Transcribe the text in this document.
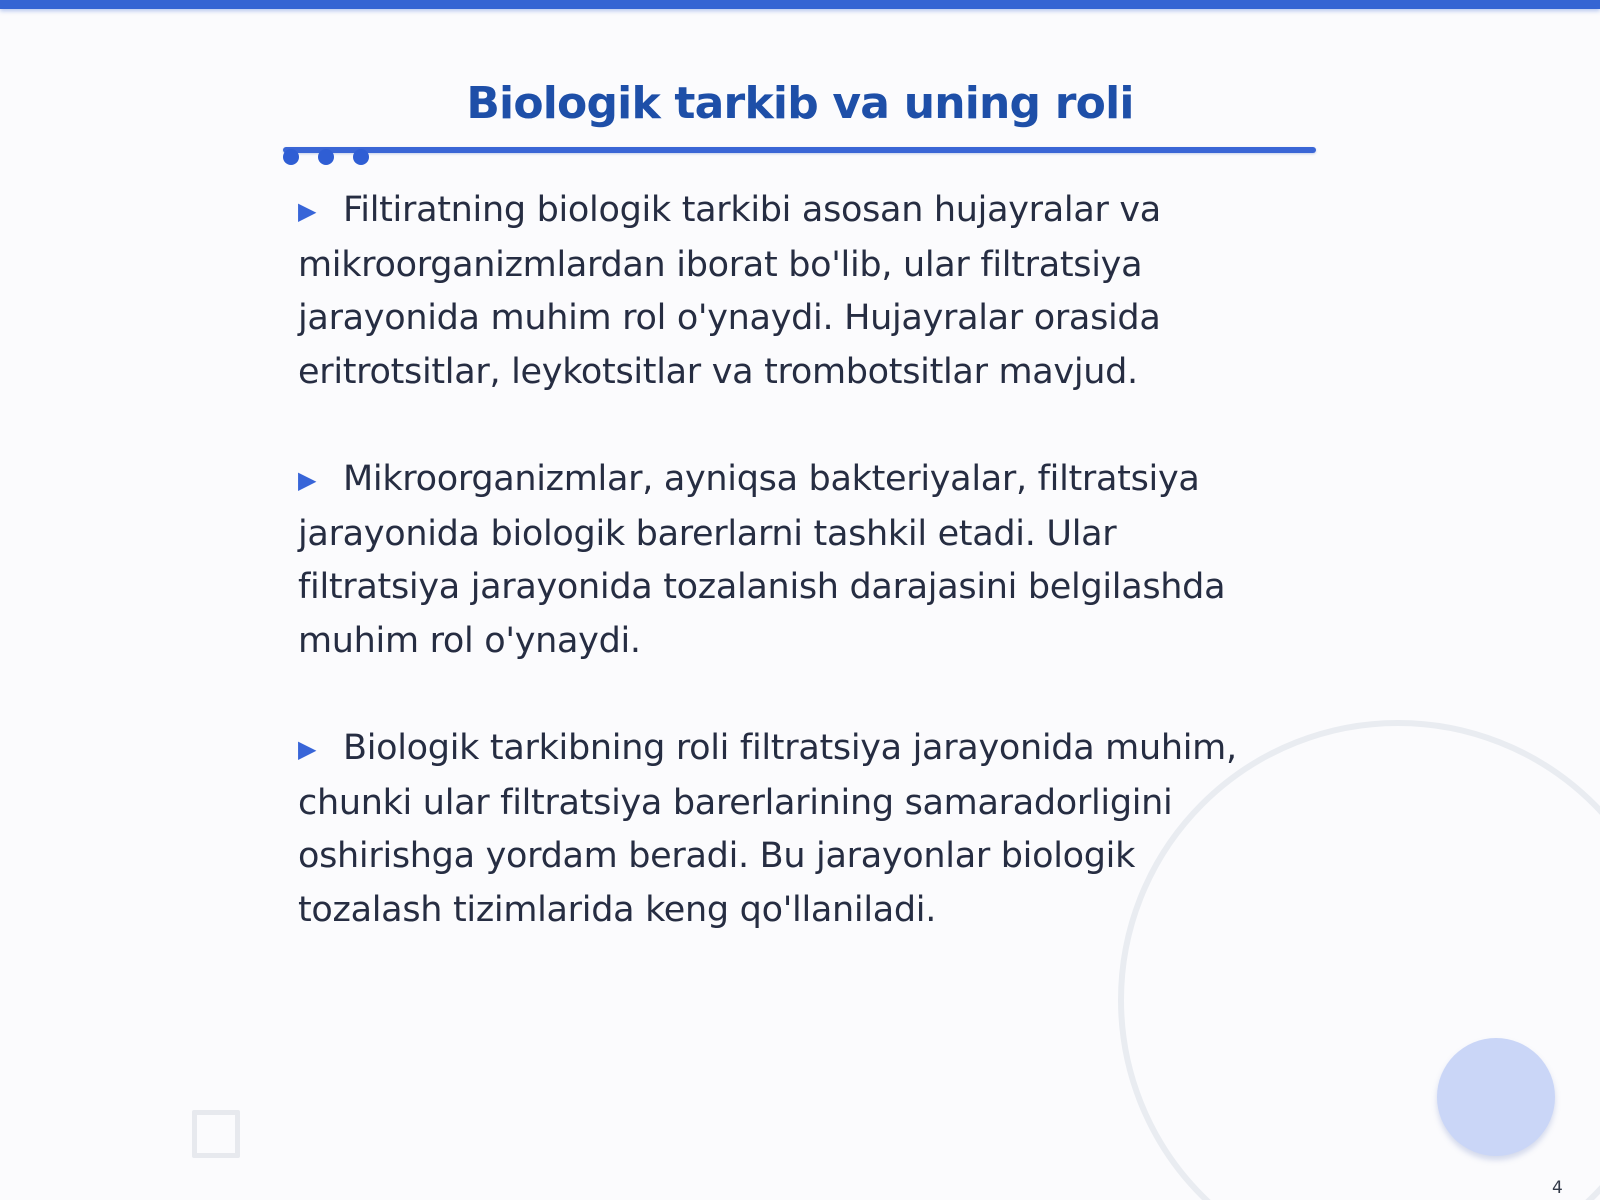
Biologik tarkib va uning roli
▶ Filtiratning biologik tarkibi asosan hujayralar va
mikroorganizmlardan iborat bo'lib, ular filtratsiya
jarayonida muhim rol o'ynaydi. Hujayralar orasida
eritrotsitlar, leykotsitlar va trombotsitlar mavjud.
▶ Mikroorganizmlar, ayniqsa bakteriyalar, filtratsiya
jarayonida biologik barerlarni tashkil etadi. Ular
filtratsiya jarayonida tozalanish darajasini belgilashda
muhim rol o'ynaydi.
▶ Biologik tarkibning roli filtratsiya jarayonida muhim,
chunki ular filtratsiya barerlarining samaradorligini
oshirishga yordam beradi. Bu jarayonlar biologik
tozalash tizimlarida keng qo'llaniladi.
4
